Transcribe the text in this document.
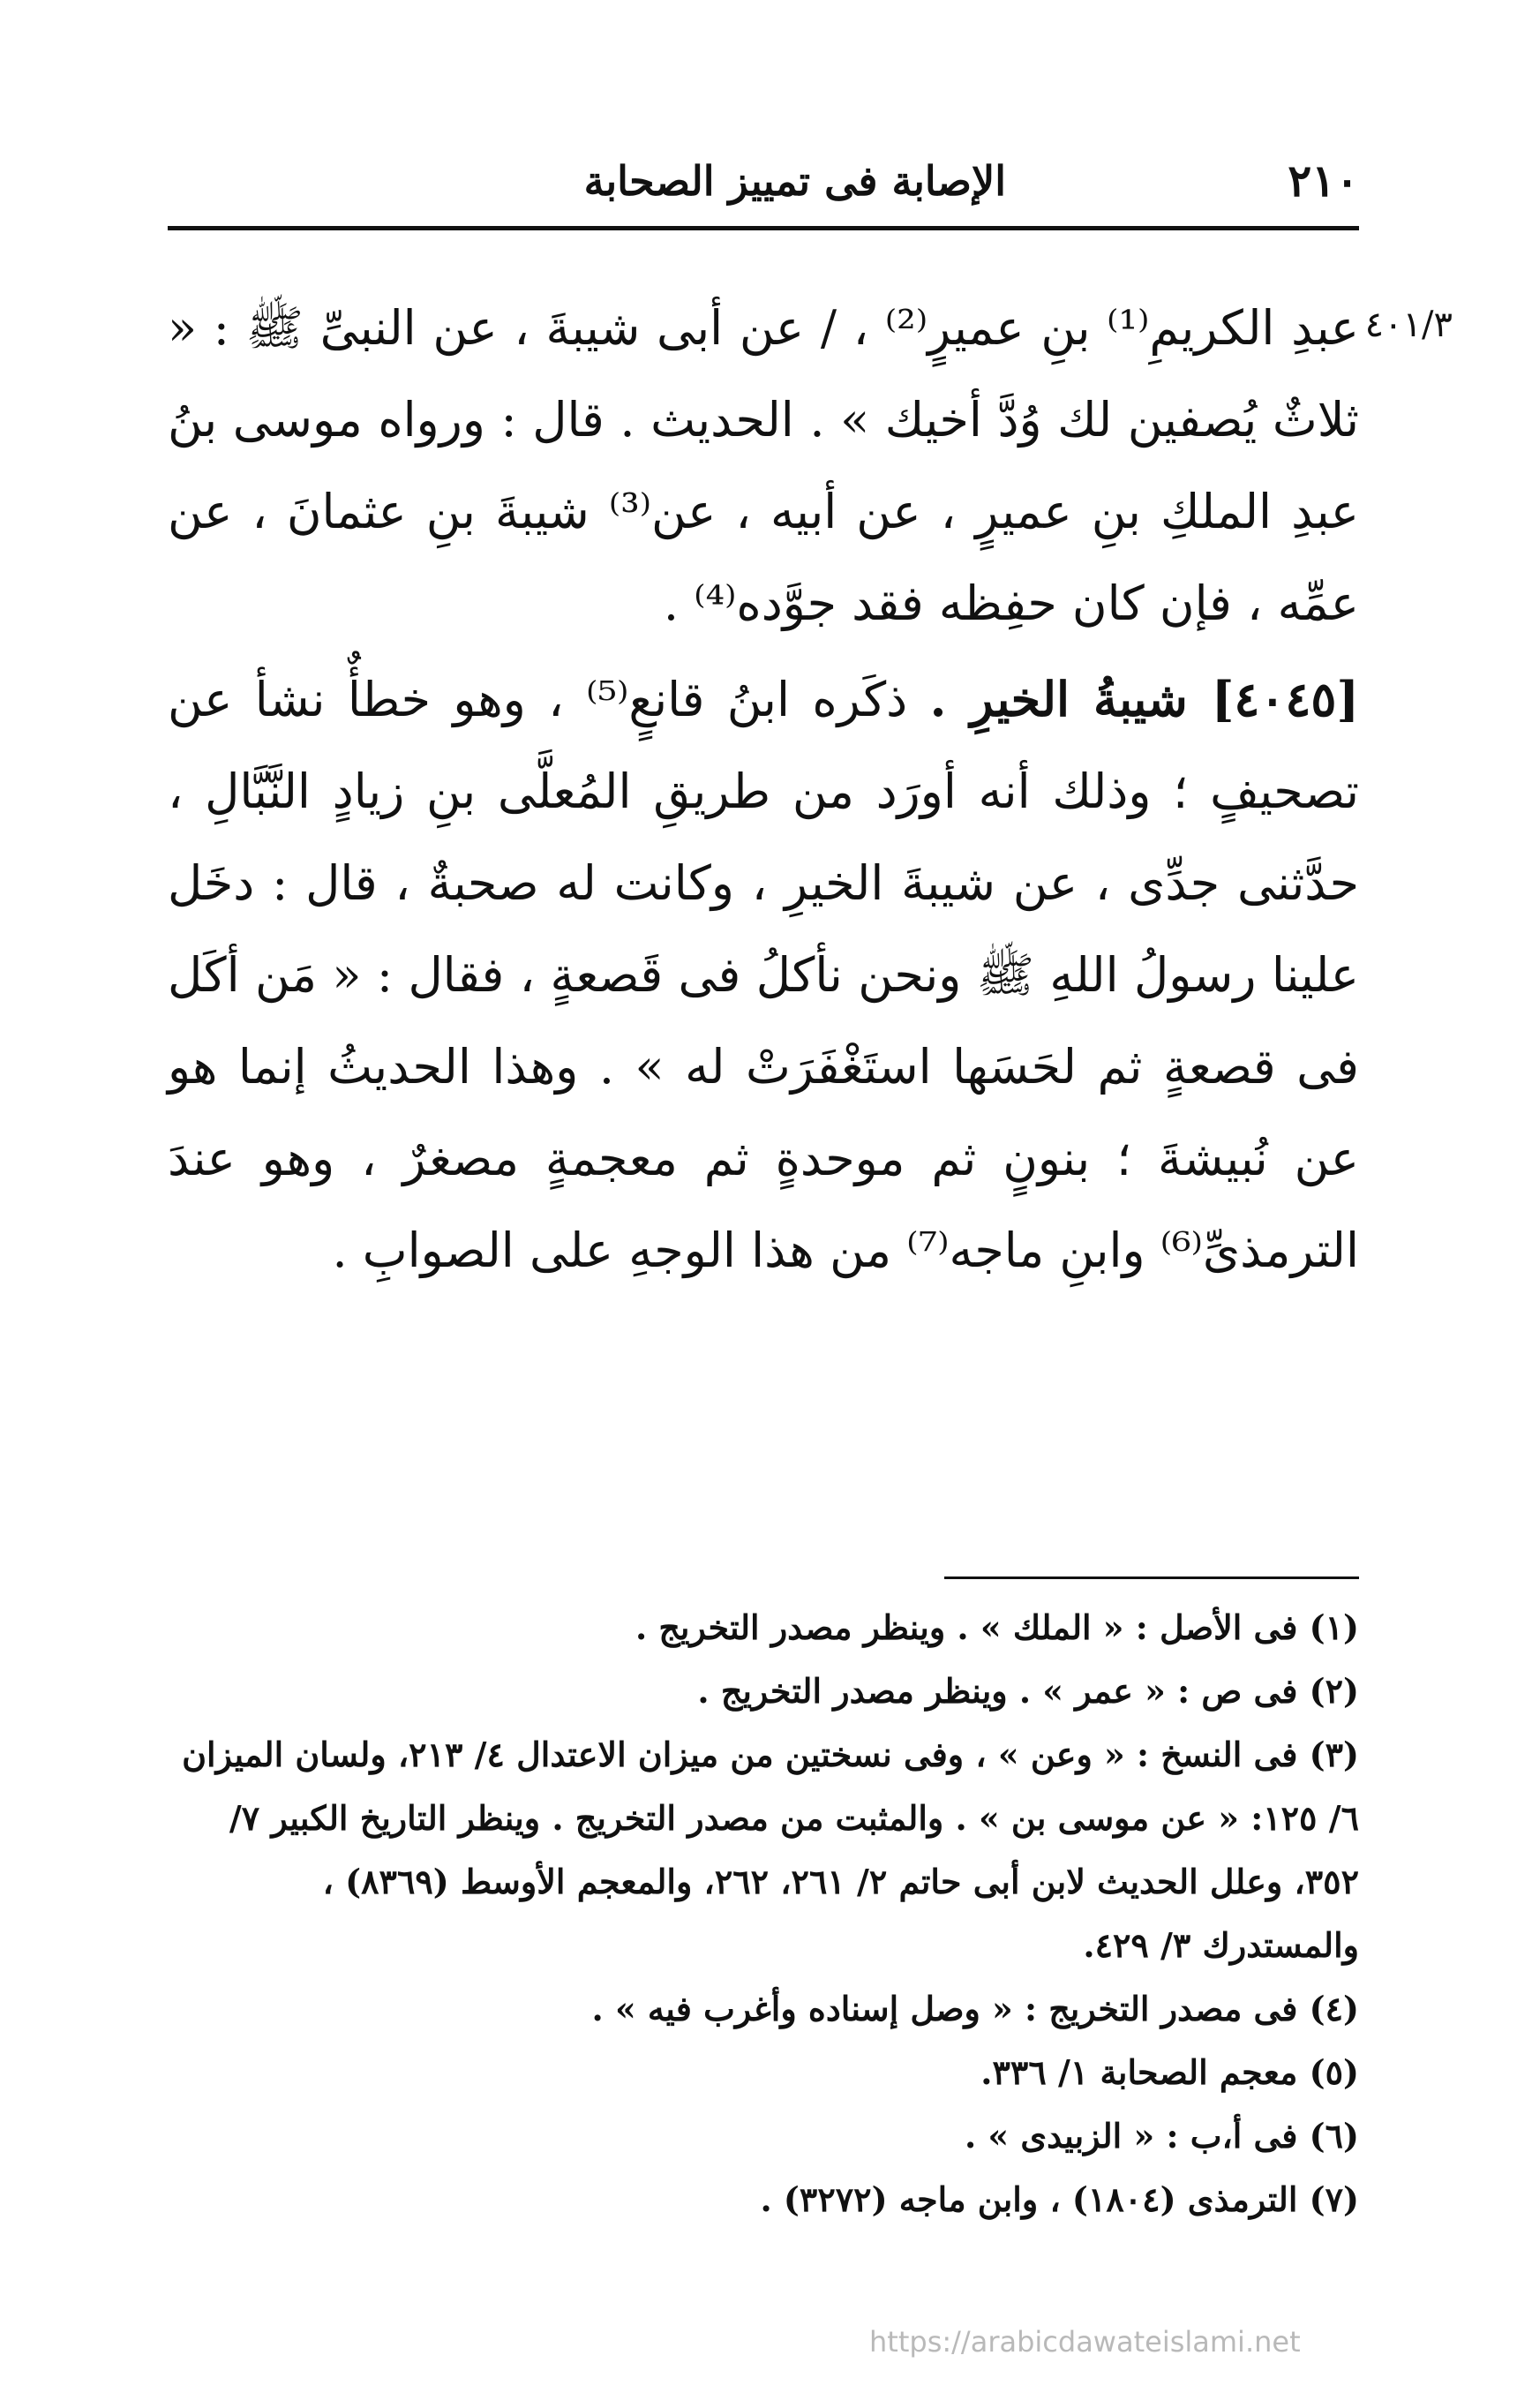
٢١٠
الإصابة فى تمييز الصحابة
٤٠١/٣

عبدِ الكريمِ⁽¹⁾ بنِ عميرٍ⁽²⁾ ، / عن أبى شيبةَ ، عن النبىِّ ﷺ : « ثلاثٌ يُصفين لك وُدَّ أخيك » . الحديث . قال : ورواه موسى بنُ عبدِ الملكِ بنِ عميرٍ ، عن أبيه ، عن⁽³⁾ شيبةَ بنِ عثمانَ ، عن عمِّه ، فإن كان حفِظه فقد جوَّده⁽⁴⁾ .

[٤٠٤٥] شيبةُ الخيرِ . ذكَره ابنُ قانعٍ⁽⁵⁾ ، وهو خطأٌ نشأ عن تصحيفٍ ؛ وذلك أنه أورَد من طريقِ المُعلَّى بنِ زيادٍ النَّبَّالِ ، حدَّثنى جدِّى ، عن شيبةَ الخيرِ ، وكانت له صحبةٌ ، قال : دخَل علينا رسولُ اللهِ ﷺ ونحن نأكلُ فى قَصعةٍ ، فقال : « مَن أكَل فى قصعةٍ ثم لحَسَها استَغْفَرَتْ له » . وهذا الحديثُ إنما هو عن نُبيشةَ ؛ بنونٍ ثم موحدةٍ ثم معجمةٍ مصغرٌ ، وهو عندَ الترمذىِّ⁽⁶⁾ وابنِ ماجه⁽⁷⁾ من هذا الوجهِ على الصوابِ .

(١) فى الأصل : « الملك » . وينظر مصدر التخريج .

(٢) فى ص : « عمر » . وينظر مصدر التخريج .

(٣) فى النسخ : « وعن » ، وفى نسختين من ميزان الاعتدال ٤/ ٢١٣، ولسان الميزان ٦/ ١٢٥: « عن موسى بن » . والمثبت من مصدر التخريج . وينظر التاريخ الكبير ٧/ ٣٥٢، وعلل الحديث لابن أبى حاتم ٢/ ٢٦١، ٢٦٢، والمعجم الأوسط (٨٣٦٩) ، والمستدرك ٣/ ٤٢٩.

(٤) فى مصدر التخريج : « وصل إسناده وأغرب فيه » .

(٥) معجم الصحابة ١/ ٣٣٦.

(٦) فى أ،ب : « الزبيدى » .

(٧) الترمذى (١٨٠٤) ، وابن ماجه (٣٢٧٢) .

https://arabicdawateislami.net
